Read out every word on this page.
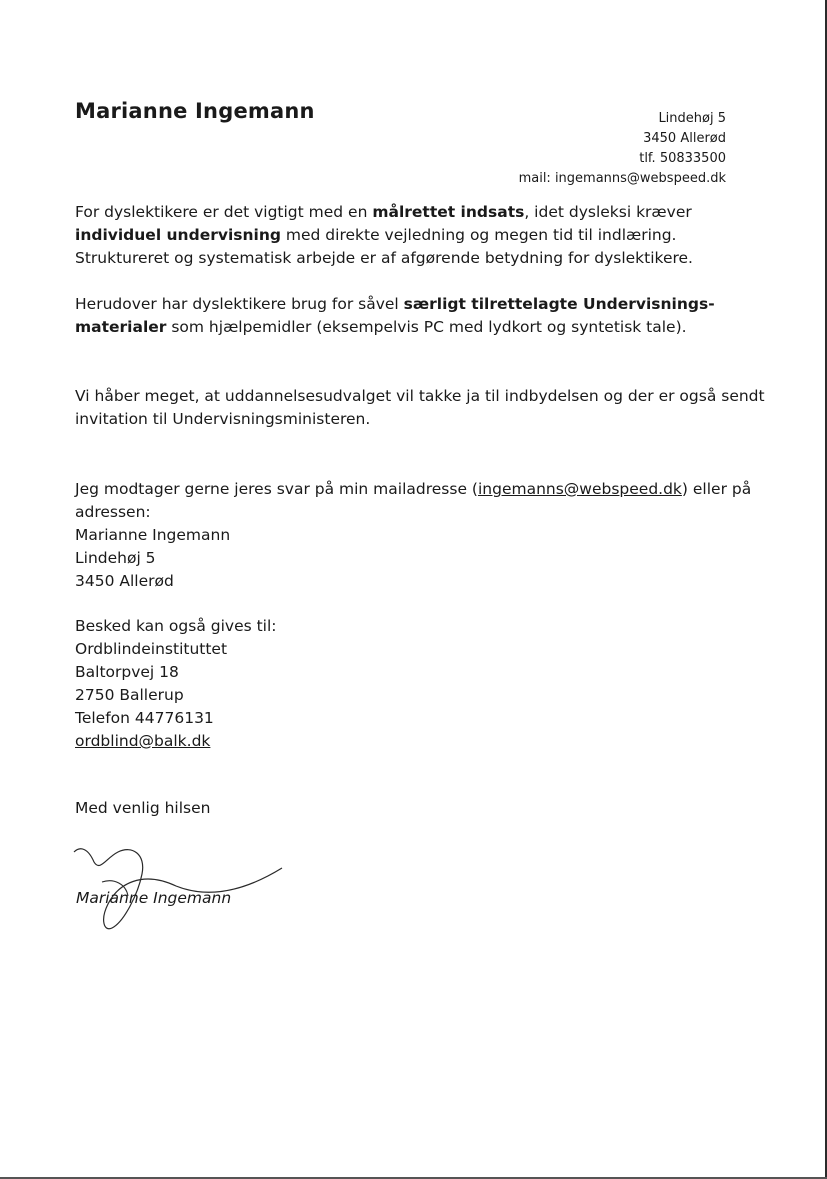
Marianne Ingemann	Lindehøj 5
3450 Allerød
tlf. 50833500
mail: ingemanns@webspeed.dk

For dyslektikere er det vigtigt med en målrettet indsats, idet dysleksi kræver individuel undervisning med direkte vejledning og megen tid til indlæring. Struktureret og systematisk arbejde er af afgørende betydning for dyslektikere.

Herudover har dyslektikere brug for såvel særligt tilrettelagte Undervisnings- materialer som hjælpemidler (eksempelvis PC med lydkort og syntetisk tale).

Vi håber meget, at uddannelsesudvalget vil takke ja til indbydelsen og der er også sendt invitation til Undervisningsministeren.

Jeg modtager gerne jeres svar på min mailadresse (ingemanns@webspeed.dk) eller på adressen:
Marianne Ingemann
Lindehøj 5
3450 Allerød
Besked kan også gives til:
Ordblindeinstituttet
Baltorpvej 18
2750 Ballerup
Telefon 44776131
ordblind@balk.dk
Med venlig hilsen
Marianne Ingemann
